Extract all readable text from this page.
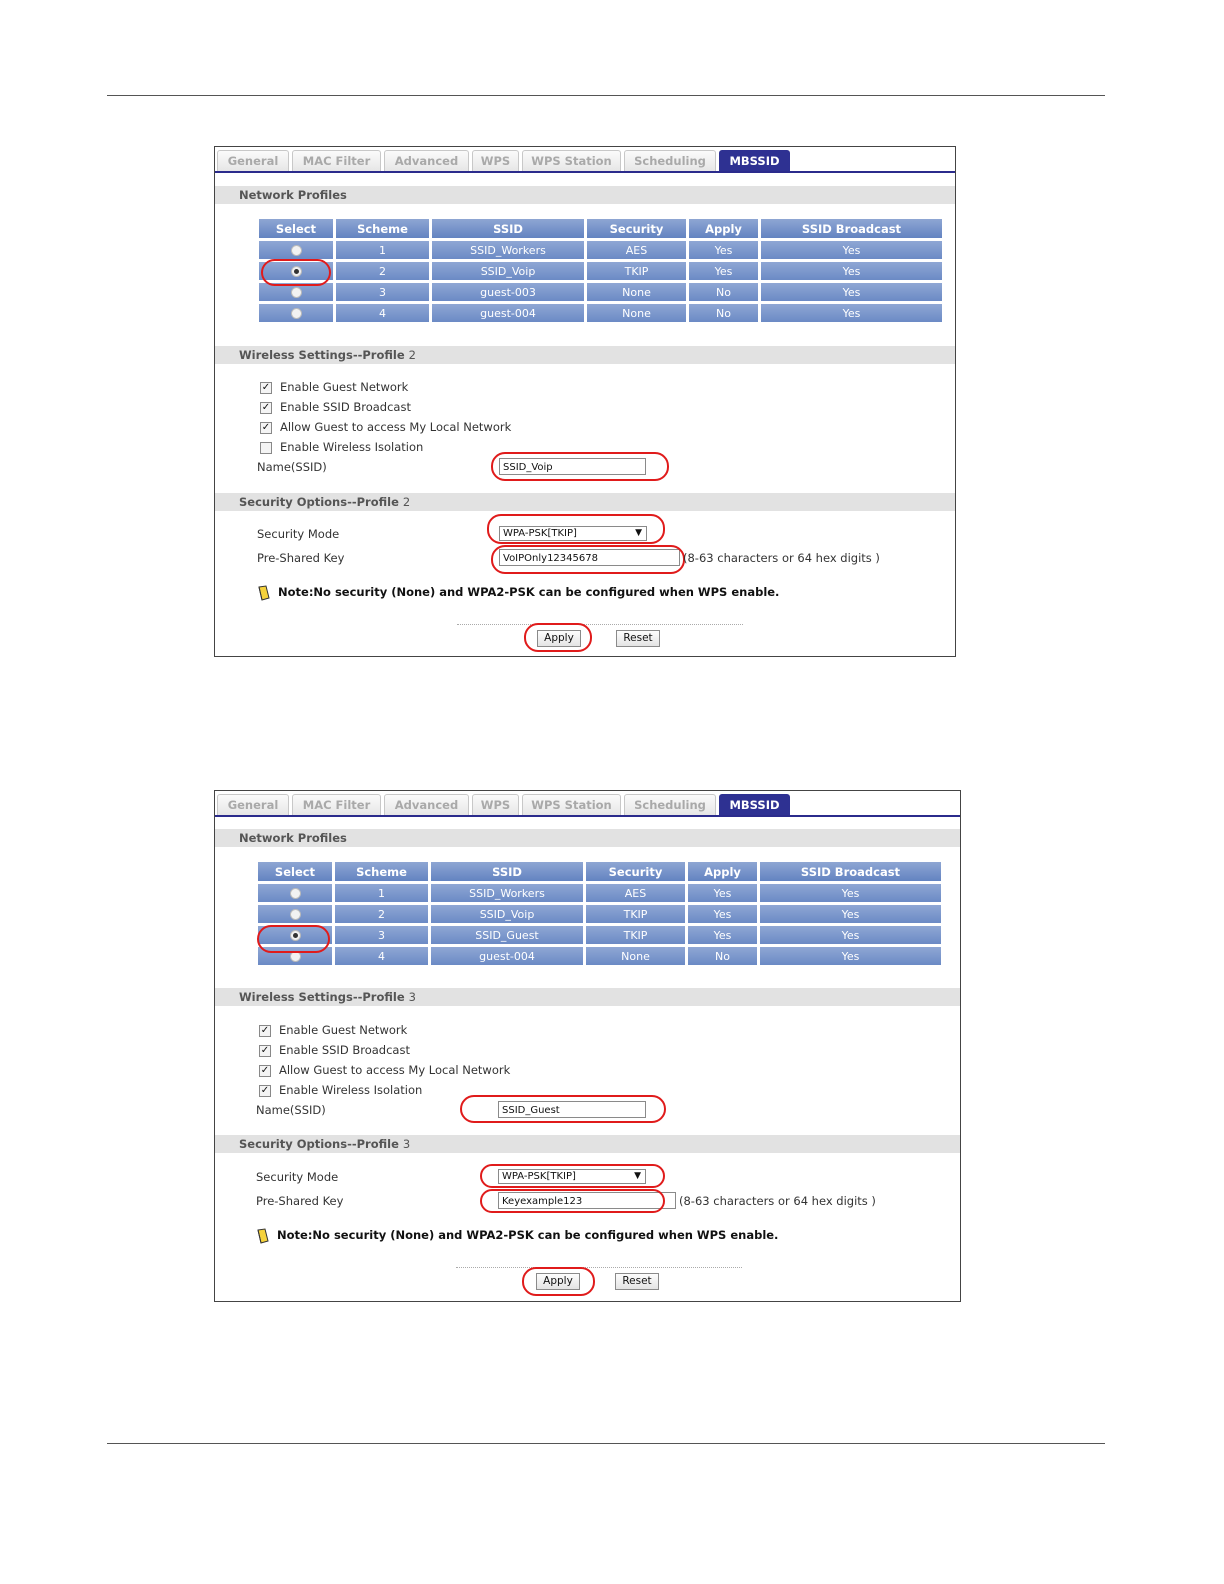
General	MAC Filter	Advanced	WPS	WPS Station	Scheduling	MBSSID
Network Profiles
Select	Scheme	SSID	Security	Apply	SSID Broadcast
	1	SSID_Workers	AES	Yes	Yes
	2	SSID_Voip	TKIP	Yes	Yes
	3	guest-003	None	No	Yes
	4	guest-004	None	No	Yes
Wireless Settings--Profile 2
✓ Enable Guest Network
✓ Enable SSID Broadcast
✓ Allow Guest to access My Local Network
Enable Wireless Isolation
Name(SSID)	SSID_Voip
Security Options--Profile 2
Security Mode	WPA-PSK[TKIP]	▼
Pre-Shared Key	VoIPOnly12345678	(8-63 characters or 64 hex digits )
Note:No security (None) and WPA2-PSK can be configured when WPS enable.
Apply	Reset
General	MAC Filter	Advanced	WPS	WPS Station	Scheduling	MBSSID
Network Profiles
Select	Scheme	SSID	Security	Apply	SSID Broadcast
	1	SSID_Workers	AES	Yes	Yes
	2	SSID_Voip	TKIP	Yes	Yes
	3	SSID_Guest	TKIP	Yes	Yes
	4	guest-004	None	No	Yes
Wireless Settings--Profile 3
✓ Enable Guest Network
✓ Enable SSID Broadcast
✓ Allow Guest to access My Local Network
✓ Enable Wireless Isolation
Name(SSID)	SSID_Guest
Security Options--Profile 3
Security Mode	WPA-PSK[TKIP]	▼
Pre-Shared Key	Keyexample123	(8-63 characters or 64 hex digits )
Note:No security (None) and WPA2-PSK can be configured when WPS enable.
Apply	Reset
